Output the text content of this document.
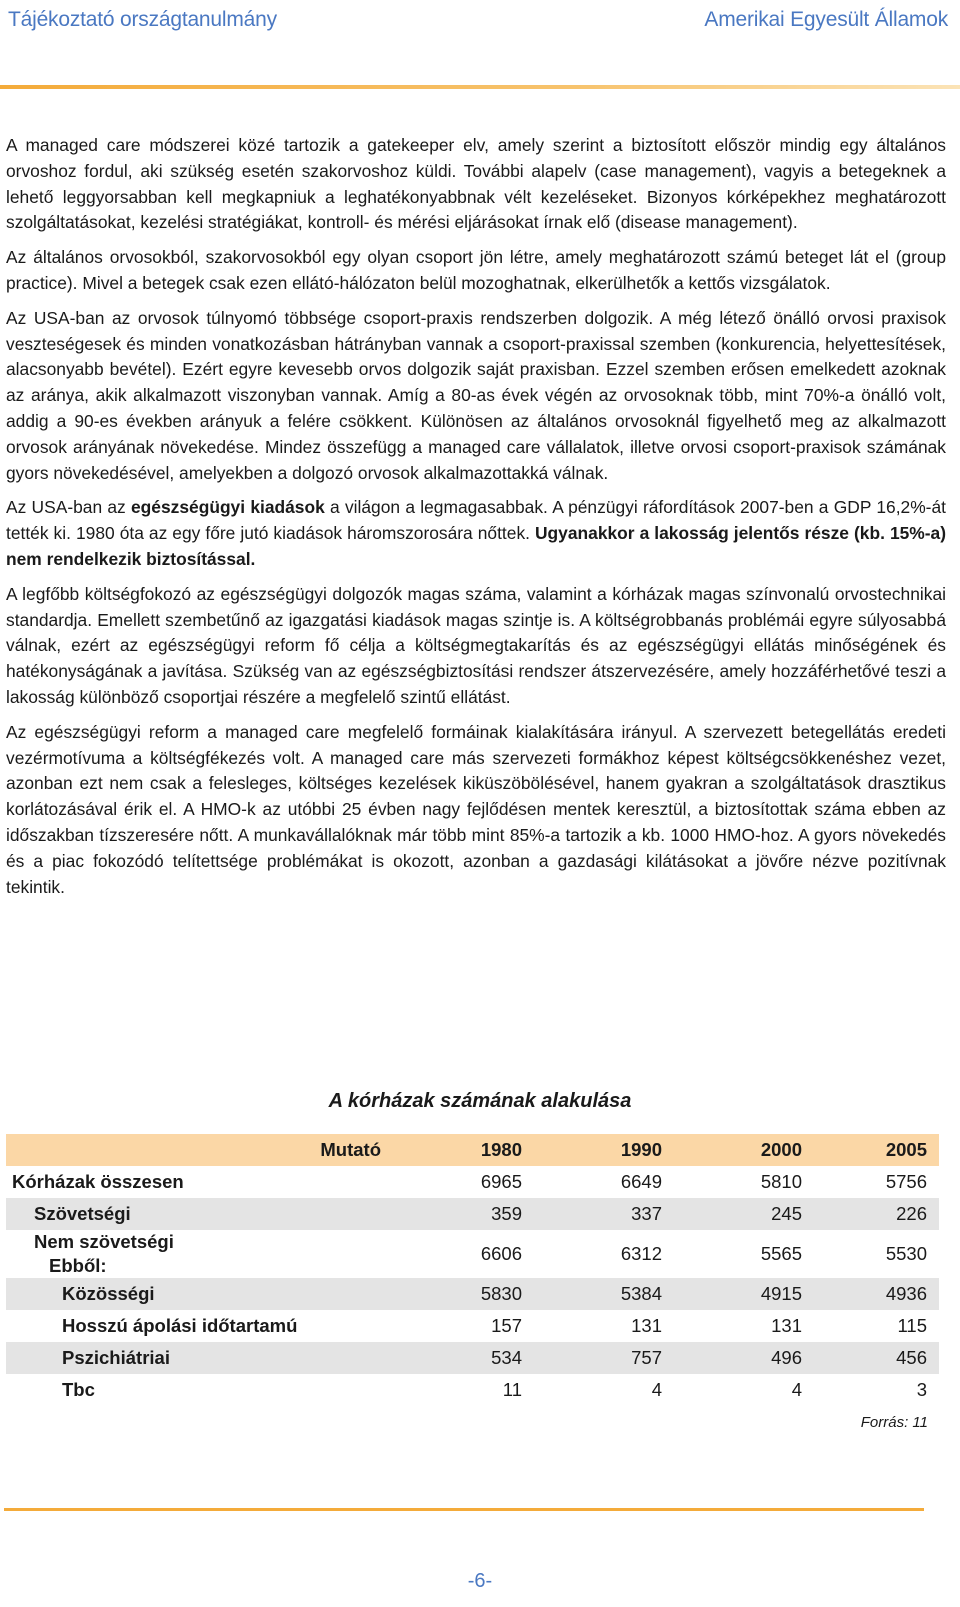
Tájékoztató országtanulmány	Amerikai Egyesült Államok

A managed care módszerei közé tartozik a gatekeeper elv, amely szerint a biztosított először mindig egy általános orvoshoz fordul, aki szükség esetén szakorvoshoz küldi. További alapelv (case management), vagyis a betegeknek a lehető leggyorsabban kell megkapniuk a leghatékonyabbnak vélt kezeléseket. Bizonyos kórképekhez meghatározott szolgáltatásokat, kezelési stratégiákat, kontroll- és mérési eljárásokat írnak elő (disease management).

Az általános orvosokból, szakorvosokból egy olyan csoport jön létre, amely meghatározott számú beteget lát el (group practice). Mivel a betegek csak ezen ellátó-hálózaton belül mozoghatnak, elkerülhetők a kettős vizsgálatok.

Az USA-ban az orvosok túlnyomó többsége csoport-praxis rendszerben dolgozik. A még létező önálló orvosi praxisok veszteségesek és minden vonatkozásban hátrányban vannak a csoport-praxissal szemben (konkurencia, helyettesítések, alacsonyabb bevétel). Ezért egyre kevesebb orvos dolgozik saját praxisban. Ezzel szemben erősen emelkedett azoknak az aránya, akik alkalmazott viszonyban vannak. Amíg a 80-as évek végén az orvosoknak több, mint 70%-a önálló volt, addig a 90-es években arányuk a felére csökkent. Különösen az általános orvosoknál figyelhető meg az alkalmazott orvosok arányának növekedése. Mindez összefügg a managed care vállalatok, illetve orvosi csoport-praxisok számának gyors növekedésével, amelyekben a dolgozó orvosok alkalmazottakká válnak.

Az USA-ban az egészségügyi kiadások a világon a legmagasabbak. A pénzügyi ráfordítások 2007-ben a GDP 16,2%-át tették ki. 1980 óta az egy főre jutó kiadások háromszorosára nőttek. Ugyanakkor a lakosság jelentős része (kb. 15%-a) nem rendelkezik biztosítással.

A legfőbb költségfokozó az egészségügyi dolgozók magas száma, valamint a kórházak magas színvonalú orvostechnikai standardja. Emellett szembetűnő az igazgatási kiadások magas szintje is. A költségrobbanás problémái egyre súlyosabbá válnak, ezért az egészségügyi reform fő célja a költségmegtakarítás és az egészségügyi ellátás minőségének és hatékonyságának a javítása. Szükség van az egészségbiztosítási rendszer átszervezésére, amely hozzáférhetővé teszi a lakosság különböző csoportjai részére a megfelelő szintű ellátást.

Az egészségügyi reform a managed care megfelelő formáinak kialakítására irányul. A szervezett betegellátás eredeti vezérmotívuma a költségfékezés volt. A managed care más szervezeti formákhoz képest költségcsökkenéshez vezet, azonban ezt nem csak a felesleges, költséges kezelések kiküszöbölésével, hanem gyakran a szolgáltatások drasztikus korlátozásával érik el. A HMO-k az utóbbi 25 évben nagy fejlődésen mentek keresztül, a biztosítottak száma ebben az időszakban tízszeresére nőtt. A munkavállalóknak már több mint 85%-a tartozik a kb. 1000 HMO-hoz. A gyors növekedés és a piac fokozódó telítettsége problémákat is okozott, azonban a gazdasági kilátásokat a jövőre nézve pozitívnak tekintik.

A kórházak számának alakulása
Mutató	1980	1990	2000	2005
Kórházak összesen	6965	6649	5810	5756
Szövetségi	359	337	245	226
Nem szövetségi
Ebből:	6606	6312	5565	5530
Közösségi	5830	5384	4915	4936
Hosszú ápolási időtartamú	157	131	131	115
Pszichiátriai	534	757	496	456
Tbc	11	4	4	3
Forrás: 11
-6-
